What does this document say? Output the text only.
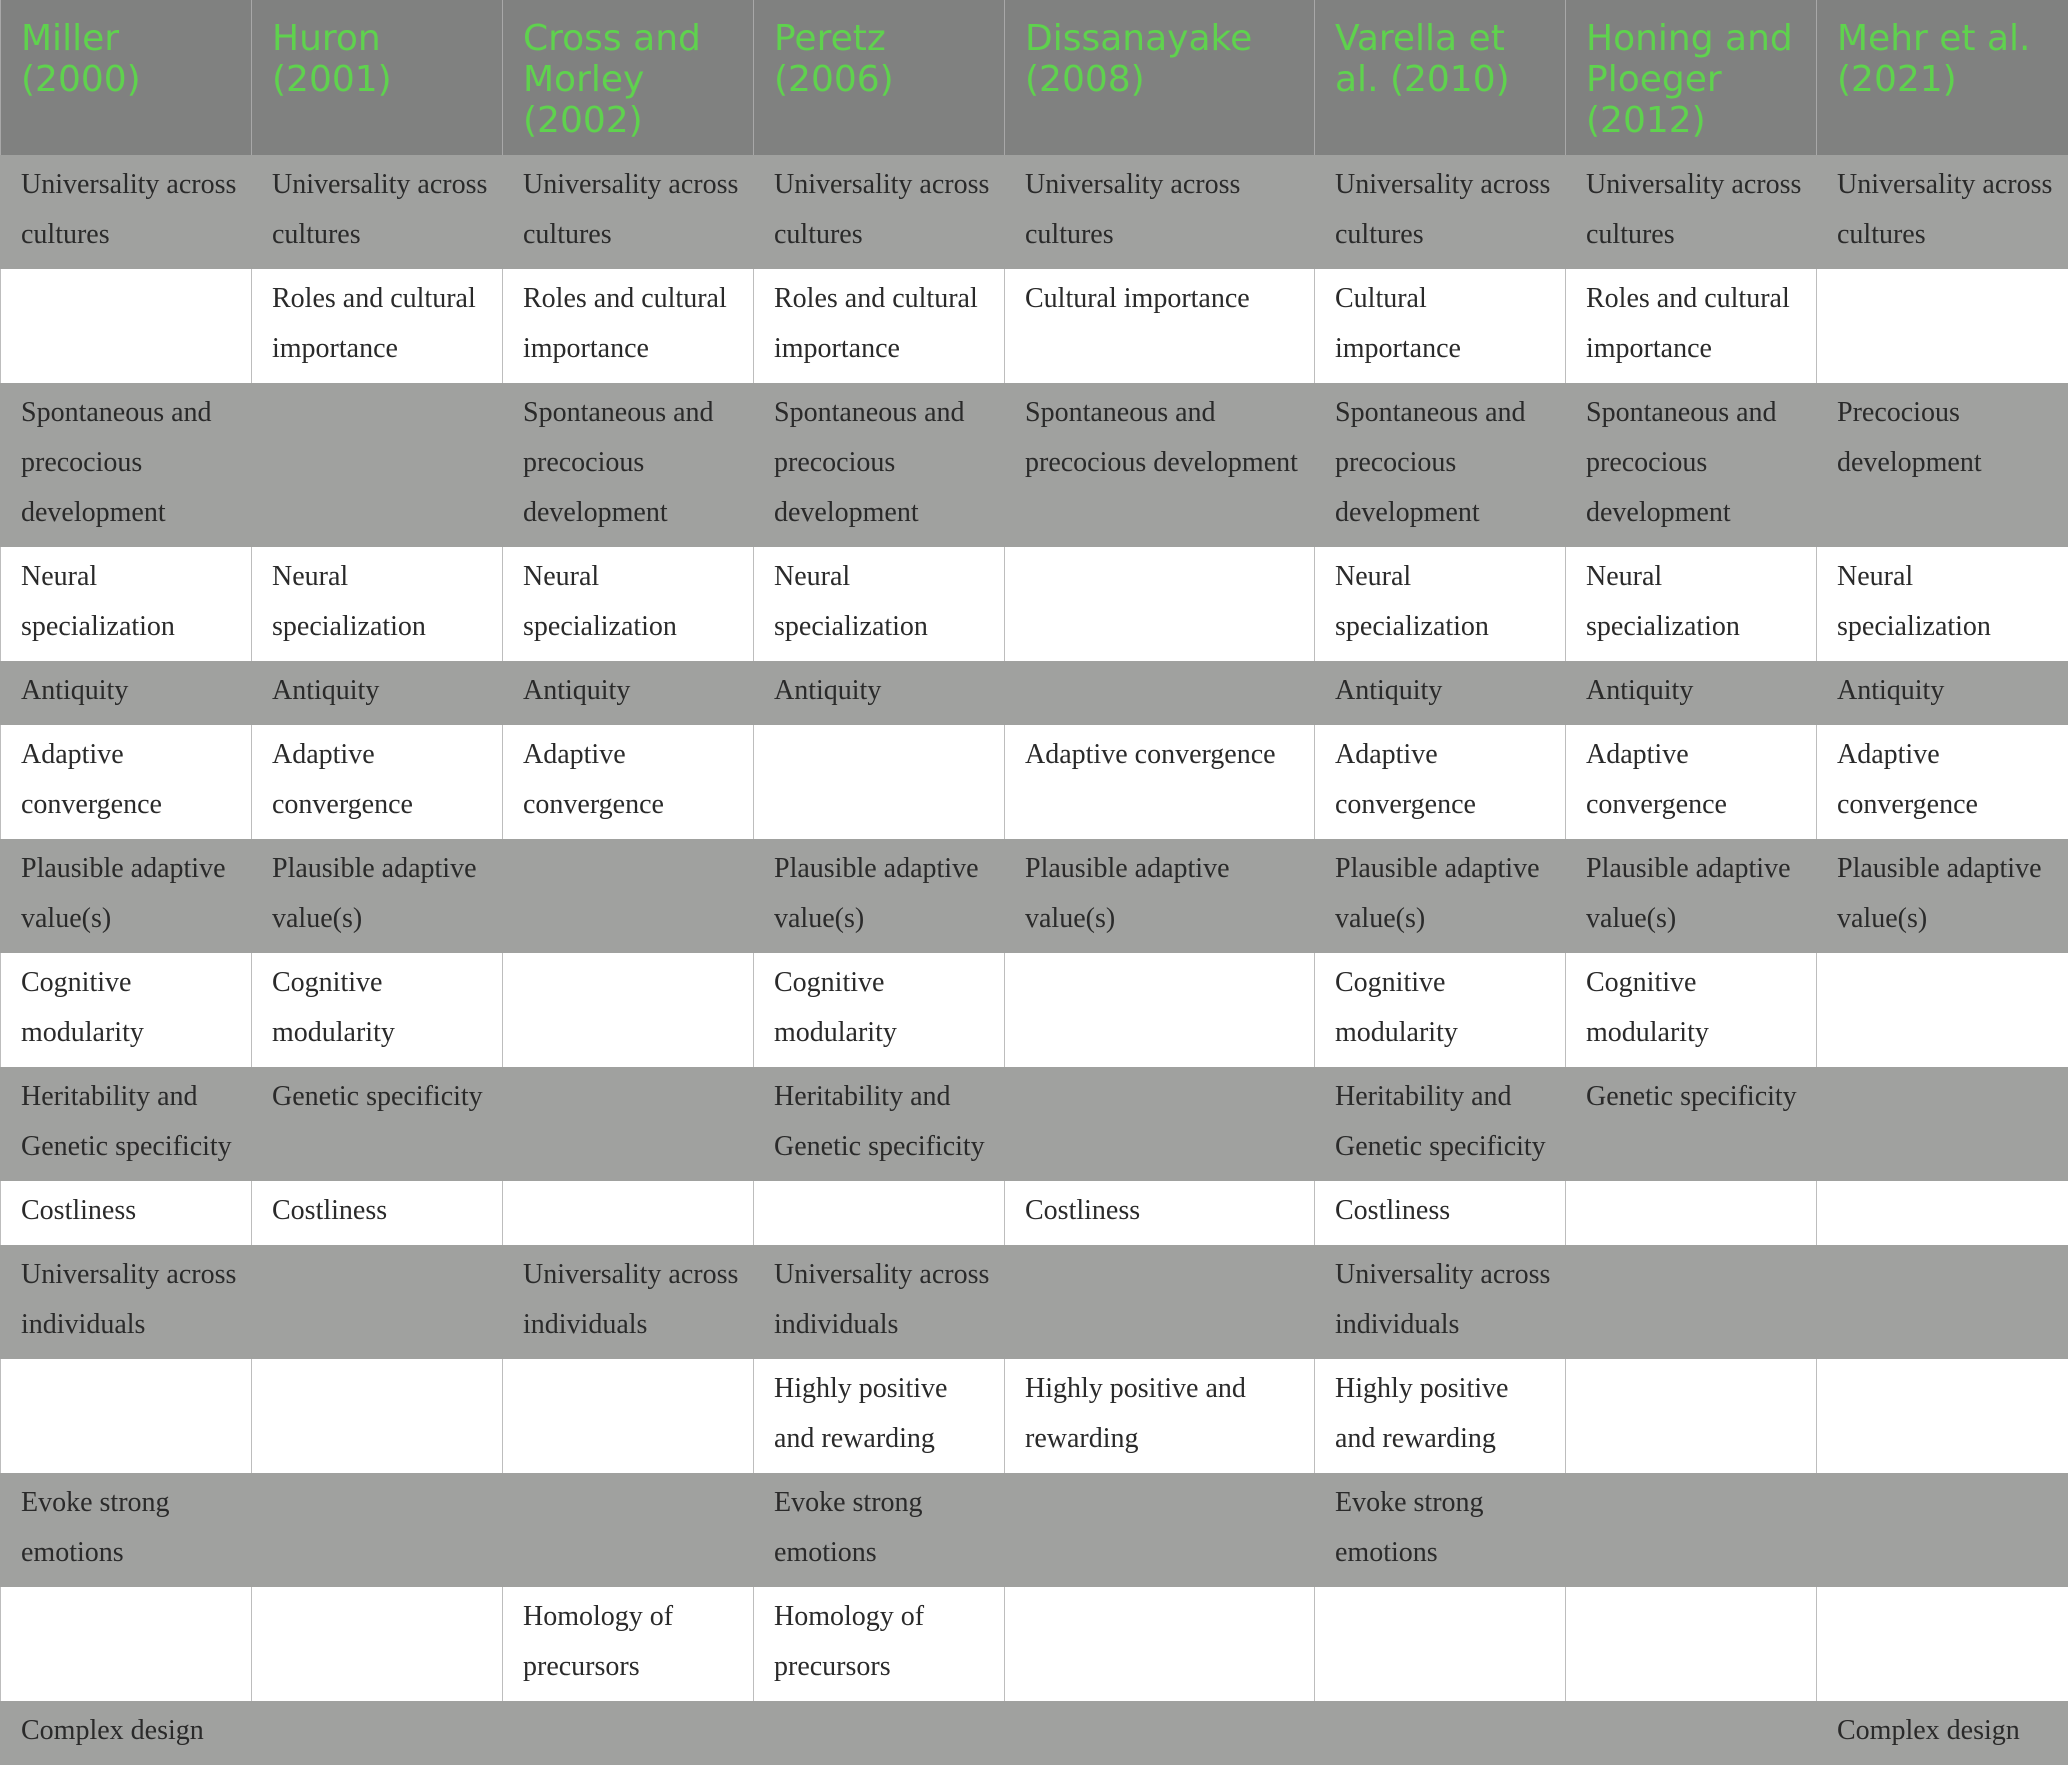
Miller (2000)	Huron (2001)	Cross and Morley (2002)	Peretz (2006)	Dissanayake (2008)	Varella et al. (2010)	Honing and Ploeger (2012)	Mehr et al. (2021)
Universality across cultures	Universality across cultures	Universality across cultures	Universality across cultures	Universality across cultures	Universality across cultures	Universality across cultures	Universality across cultures
	Roles and cultural importance	Roles and cultural importance	Roles and cultural importance	Cultural importance	Cultural importance	Roles and cultural importance	
Spontaneous and precocious development		Spontaneous and precocious development	Spontaneous and precocious development	Spontaneous and precocious development	Spontaneous and precocious development	Spontaneous and precocious development	Precocious development
Neural specialization	Neural specialization	Neural specialization	Neural specialization		Neural specialization	Neural specialization	Neural specialization
Antiquity	Antiquity	Antiquity	Antiquity		Antiquity	Antiquity	Antiquity
Adaptive convergence	Adaptive convergence	Adaptive convergence		Adaptive convergence	Adaptive convergence	Adaptive convergence	Adaptive convergence
Plausible adaptive value(s)	Plausible adaptive value(s)		Plausible adaptive value(s)	Plausible adaptive value(s)	Plausible adaptive value(s)	Plausible adaptive value(s)	Plausible adaptive value(s)
Cognitive modularity	Cognitive modularity		Cognitive modularity		Cognitive modularity	Cognitive modularity	
Heritability and Genetic specificity	Genetic specificity		Heritability and Genetic specificity		Heritability and Genetic specificity	Genetic specificity	
Costliness	Costliness			Costliness	Costliness		
Universality across individuals		Universality across individuals	Universality across individuals		Universality across individuals		
			Highly positive and rewarding	Highly positive and rewarding	Highly positive and rewarding		
Evoke strong emotions			Evoke strong emotions		Evoke strong emotions		
		Homology of precursors	Homology of precursors				
Complex design							Complex design
